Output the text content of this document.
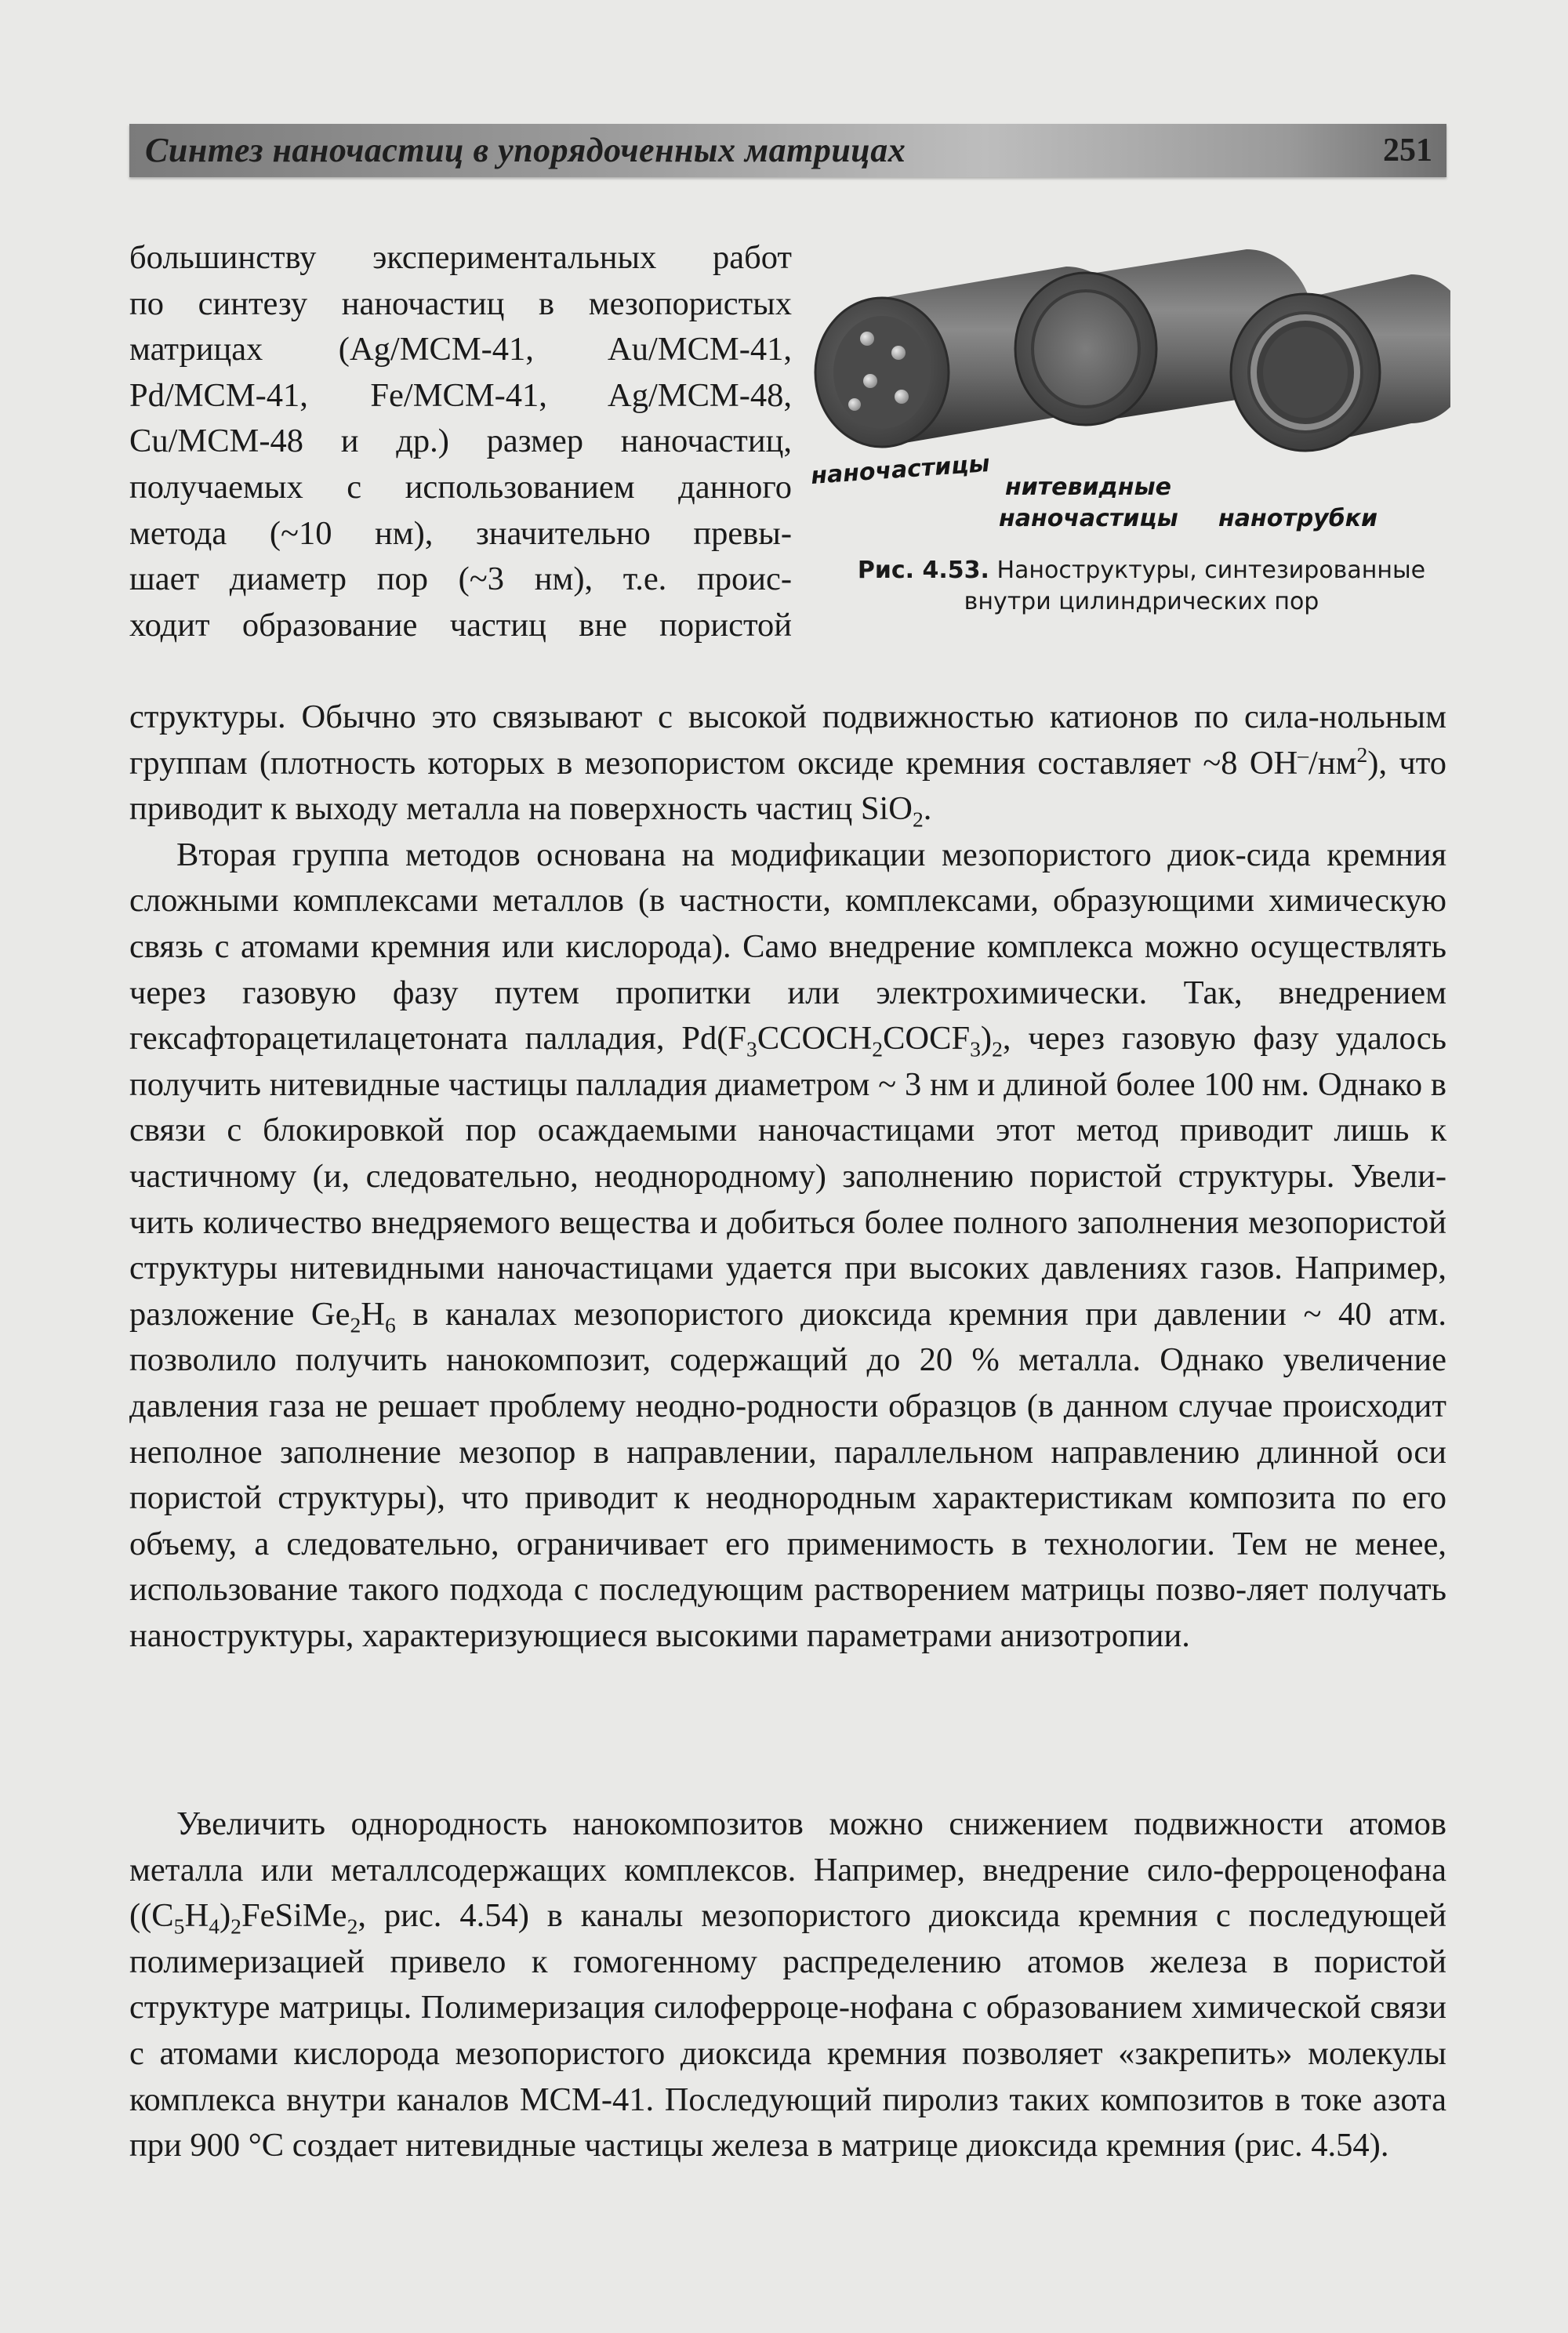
Синтез наночастиц в упорядоченных матрицах	251
большинству экспериментальных работ
по синтезу наночастиц в мезопористых
матрицах (Ag/MCM-41, Au/MCM-41,
Pd/MCM-41, Fe/MCM-41, Ag/MCM-48,
Cu/MCM-48 и др.) размер наночастиц,
получаемых с использованием данного
метода (~10 нм), значительно превы-
шает диаметр пор (~3 нм), т.е. проис-
ходит образование частиц вне пористой
наночастицы нитевидные
наночастицы нанотрубки
Рис. 4.53. Наноструктуры, синтезированные
внутри цилиндрических пор

структуры. Обычно это связывают с высокой подвижностью катионов по сила-нольным группам (плотность которых в мезопористом оксиде кремния составляет ~8 $OH^-/нм^2$), что приводит к выходу металла на поверхность частиц SiO$_2$.

Вторая группа методов основана на модификации мезопористого диок-сида кремния сложными комплексами металлов (в частности, комплексами, образующими химическую связь с атомами кремния или кислорода). Само внедрение комплекса можно осуществлять через газовую фазу путем пропитки или электрохимически. Так, внедрением гексафторацетилацетоната палладия, $Pd(F_3CCOCH_2COCF_3)_2$, через газовую фазу удалось получить нитевидные частицы палладия диаметром ~ 3 нм и длиной более 100 нм. Однако в связи с блокировкой пор осаждаемыми наночастицами этот метод приводит лишь к частичному (и, следовательно, неоднородному) заполнению пористой структуры. Увели-чить количество внедряемого вещества и добиться более полного заполнения мезопористой структуры нитевидными наночастицами удается при высоких давлениях газов. Например, разложение $Ge_2H_6$ в каналах мезопористого диоксида кремния при давлении ~ 40 атм. позволило получить нанокомпозит, содержащий до 20 % металла. Однако увеличение давления газа не решает проблему неодно-родности образцов (в данном случае происходит неполное заполнение мезопор в направлении, параллельном направлению длинной оси пористой структуры), что приводит к неоднородным характеристикам композита по его объему, а следовательно, ограничивает его применимость в технологии. Тем не менее, использование такого подхода с последующим растворением матрицы позво-ляет получать наноструктуры, характеризующиеся высокими параметрами анизотропии.

Увеличить однородность нанокомпозитов можно снижением подвижности атомов металла или металлсодержащих комплексов. Например, внедрение сило-ферроценофана ($(C_5H_4)_2FeSiMe_2$, рис. 4.54) в каналы мезопористого диоксида кремния с последующей полимеризацией привело к гомогенному распределению атомов железа в пористой структуре матрицы. Полимеризация силоферроце-нофана с образованием химической связи с атомами кислорода мезопористого диоксида кремния позволяет «закрепить» молекулы комплекса внутри каналов MCM-41. Последующий пиролиз таких композитов в токе азота при 900 °C создает нитевидные частицы железа в матрице диоксида кремния (рис. 4.54).
